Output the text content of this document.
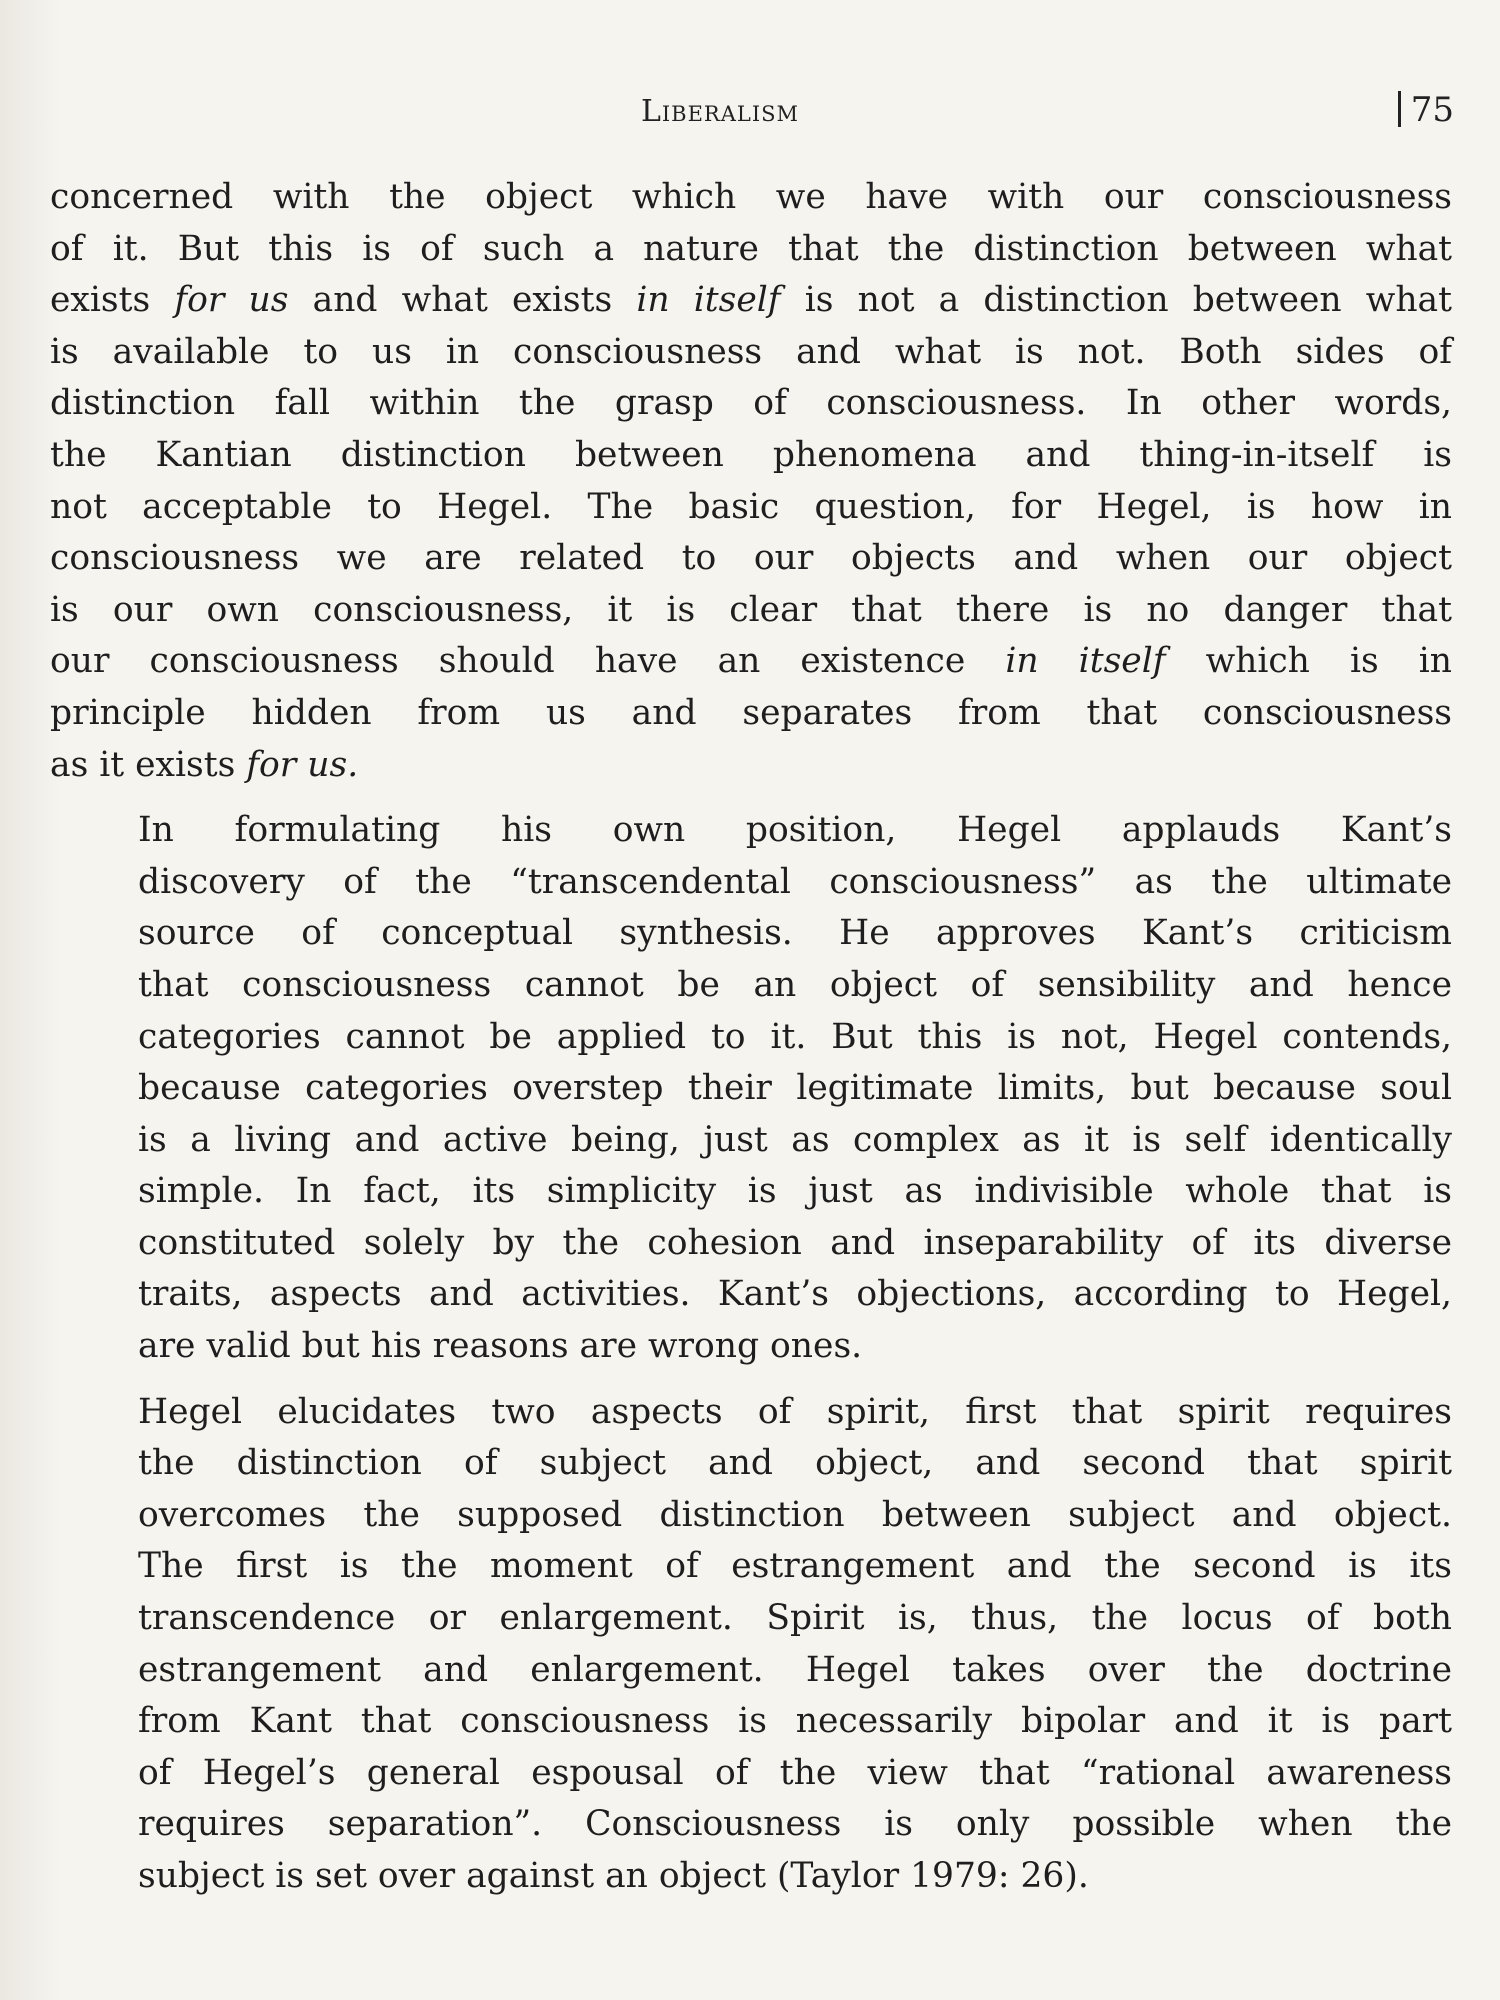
Liberalism	75

concerned with the object which we have with our consciousness
of it. But this is of such a nature that the distinction between what
exists for us and what exists in itself is not a distinction between what
is available to us in consciousness and what is not. Both sides of
distinction fall within the grasp of consciousness. In other words,
the Kantian distinction between phenomena and thing-in-itself is
not acceptable to Hegel. The basic question, for Hegel, is how in
consciousness we are related to our objects and when our object
is our own consciousness, it is clear that there is no danger that
our consciousness should have an existence in itself which is in
principle hidden from us and separates from that consciousness
as it exists for us.

In formulating his own position, Hegel applauds Kant’s
discovery of the “transcendental consciousness” as the ultimate
source of conceptual synthesis. He approves Kant’s criticism
that consciousness cannot be an object of sensibility and hence
categories cannot be applied to it. But this is not, Hegel contends,
because categories overstep their legitimate limits, but because soul
is a living and active being, just as complex as it is self identically
simple. In fact, its simplicity is just as indivisible whole that is
constituted solely by the cohesion and inseparability of its diverse
traits, aspects and activities. Kant’s objections, according to Hegel,
are valid but his reasons are wrong ones.

Hegel elucidates two aspects of spirit, first that spirit requires
the distinction of subject and object, and second that spirit
overcomes the supposed distinction between subject and object.
The first is the moment of estrangement and the second is its
transcendence or enlargement. Spirit is, thus, the locus of both
estrangement and enlargement. Hegel takes over the doctrine
from Kant that consciousness is necessarily bipolar and it is part
of Hegel’s general espousal of the view that “rational awareness
requires separation”. Consciousness is only possible when the
subject is set over against an object (Taylor 1979: 26).
